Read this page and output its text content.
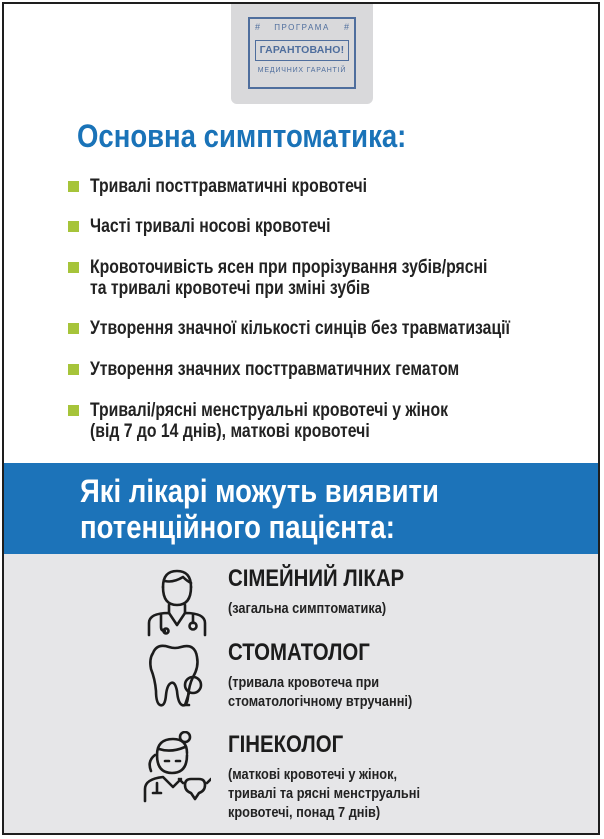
#	#
ПРОГРАМА
ГАРАНТОВАНО!
МЕДИЧНИХ ГАРАНТІЙ
Основна симптоматика:
Тривалі посттравматичні кровотечі
Часті тривалі носові кровотечі
Кровоточивість ясен при прорізування зубів/рясні
та тривалі кровотечі при зміні зубів
Утворення значної кількості синців без травматизації
Утворення значних посттравматичних гематом
Тривалі/рясні менструальні кровотечі у жінок
(від 7 до 14 днів), маткові кровотечі
Які лікарі можуть виявити
потенційного пацієнта:
СІМЕЙНИЙ ЛІКАР
(загальна симптоматика)
СТОМАТОЛОГ
(тривала кровотеча при
стоматологічному втручанні)
ГІНЕКОЛОГ
(маткові кровотечі у жінок,
тривалі та рясні менструальні
кровотечі, понад 7 днів)
